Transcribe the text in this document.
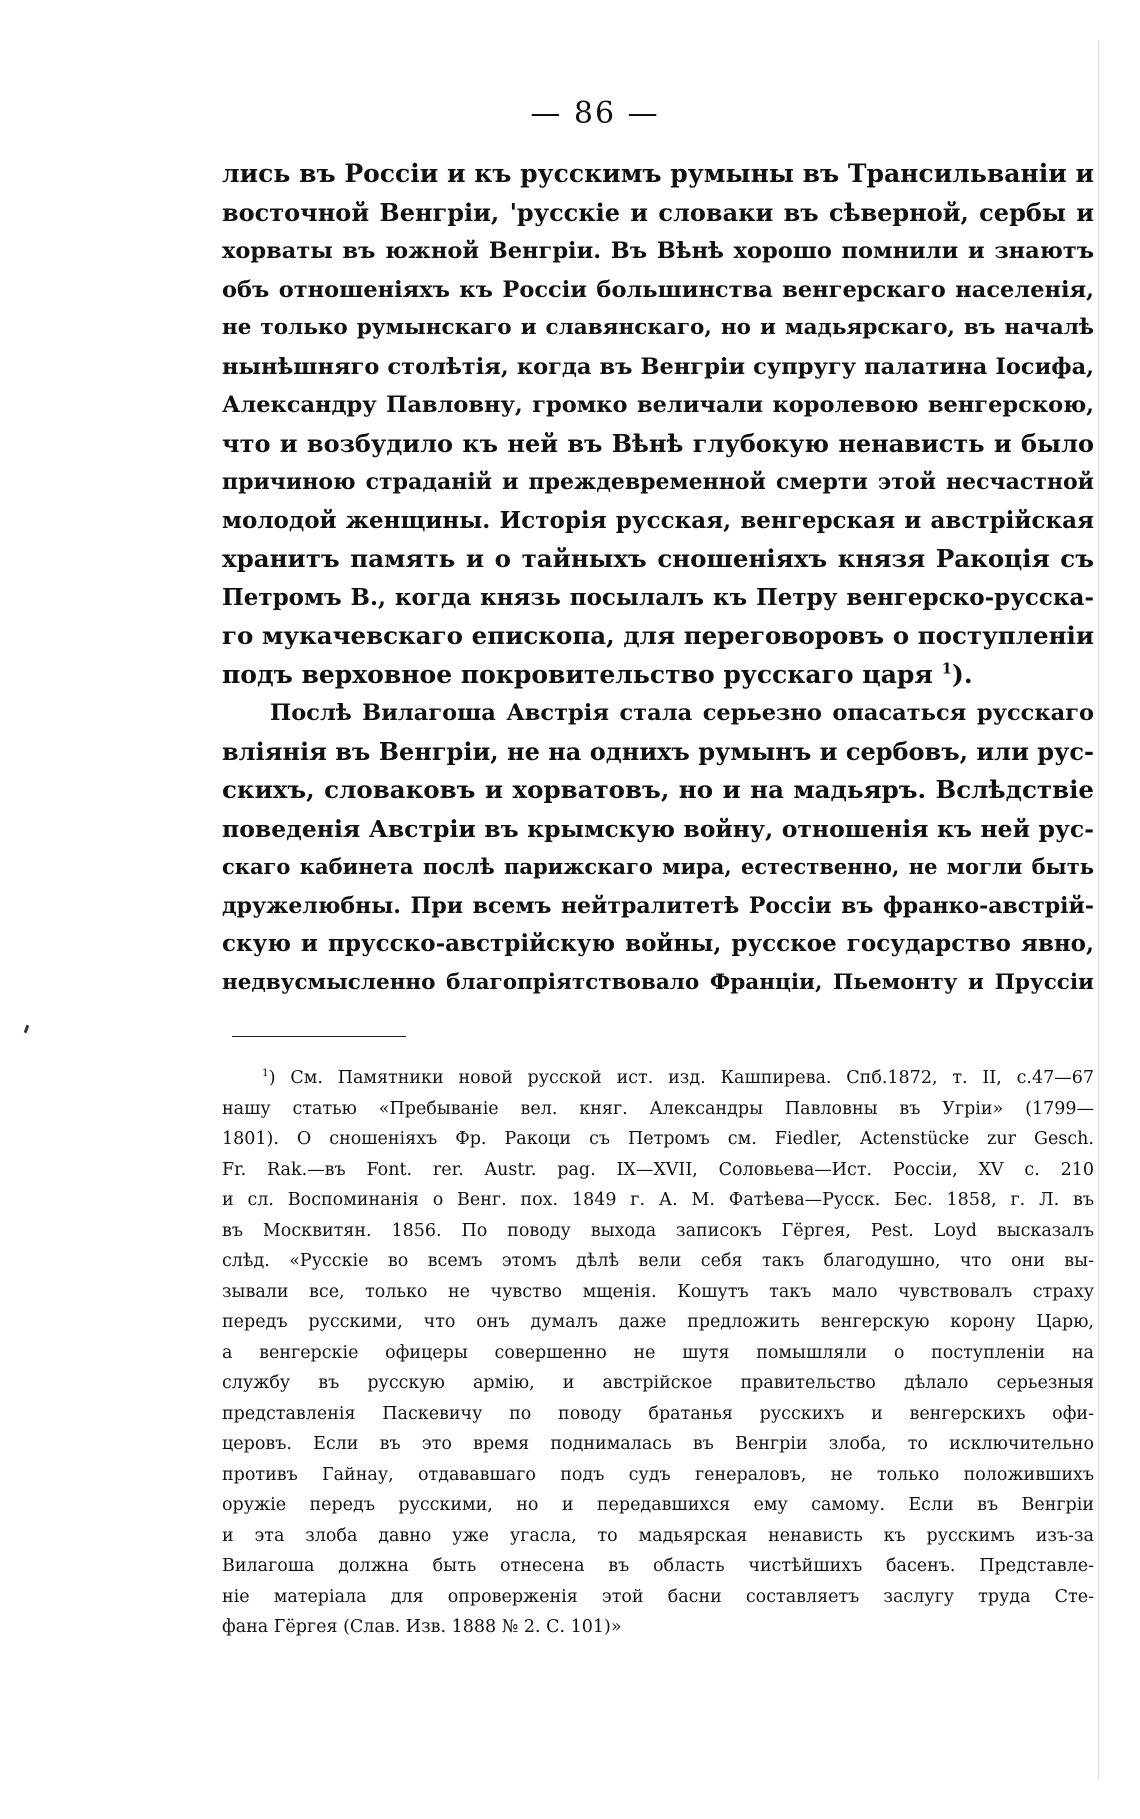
— 86 —
лись въ Россіи и къ русскимъ румыны въ Трансильваніи и
восточной Венгріи, 'русскіе и словаки въ сѣверной, сербы и
хорваты въ южной Венгріи. Въ Вѣнѣ хорошо помнили и знаютъ
объ отношеніяхъ къ Россіи большинства венгерскаго населенія,
не только румынскаго и славянскаго, но и мадьярскаго, въ началѣ
нынѣшняго столѣтія, когда въ Венгріи супругу палатина Іосифа,
Александру Павловну, громко величали королевою венгерскою,
что и возбудило къ ней въ Вѣнѣ глубокую ненависть и было
причиною страданій и преждевременной смерти этой несчастной
молодой женщины. Исторія русская, венгерская и австрійская
хранитъ память и о тайныхъ сношеніяхъ князя Ракоція съ
Петромъ В., когда князь посылалъ къ Петру венгерско-русска-
го мукачевскаго епископа, для переговоровъ о поступленіи
подъ верховное покровительство русскаго царя $^1$).
Послѣ Вилагоша Австрія стала серьезно опасаться русскаго
вліянія въ Венгріи, не на однихъ румынъ и сербовъ, или рус-
скихъ, словаковъ и хорватовъ, но и на мадьяръ. Вслѣдствіе
поведенія Австріи въ крымскую войну, отношенія къ ней рус-
скаго кабинета послѣ парижскаго мира, естественно, не могли быть
дружелюбны. При всемъ нейтралитетѣ Россіи въ франко-австрій-
скую и прусско-австрійскую войны, русское государство явно,
недвусмысленно благопріятствовало Франціи, Пьемонту и Пруссіи
$^1$) См. Памятники новой русской ист. изд. Кашпирева. Спб.1872, т. II, с.47—67
нашу статью «Пребываніе вел. княг. Александры Павловны въ Угріи» (1799—
1801). О сношеніяхъ Фр. Ракоци съ Петромъ см. Fiedler, Actenstücke zur Gesch.
Fr. Rak.—въ Font. rer. Austr. pag. IX—XVII, Соловьева—Ист. Россіи, XV с. 210
и сл. Воспоминанія о Венг. пох. 1849 г. А. М. Фатѣева—Русск. Бес. 1858, г. Л. въ
въ Москвитян. 1856. По поводу выхода записокъ Гёргея, Pest. Loyd высказалъ
слѣд. «Русскіе во всемъ этомъ дѣлѣ вели себя такъ благодушно, что они вы-
зывали все, только не чувство мщенія. Кошутъ такъ мало чувствовалъ страху
передъ русскими, что онъ думалъ даже предложить венгерскую корону Царю,
а венгерскіе офицеры совершенно не шутя помышляли о поступленіи на
службу въ русскую армію, и австрійское правительство дѣлало серьезныя
представленія Паскевичу по поводу братанья русскихъ и венгерскихъ офи-
церовъ. Если въ это время поднималась въ Венгріи злоба, то исключительно
противъ Гайнау, отдававшаго подъ судъ генераловъ, не только положившихъ
оружіе передъ русскими, но и передавшихся ему самому. Если въ Венгріи
и эта злоба давно уже угасла, то мадьярская ненависть къ русскимъ изъ-за
Вилагоша должна быть отнесена въ область чистѣйшихъ басенъ. Представле-
ніе матеріала для опроверженія этой басни составляетъ заслугу труда Сте-
фана Гёргея (Слав. Изв. 1888 № 2. С. 101)»
